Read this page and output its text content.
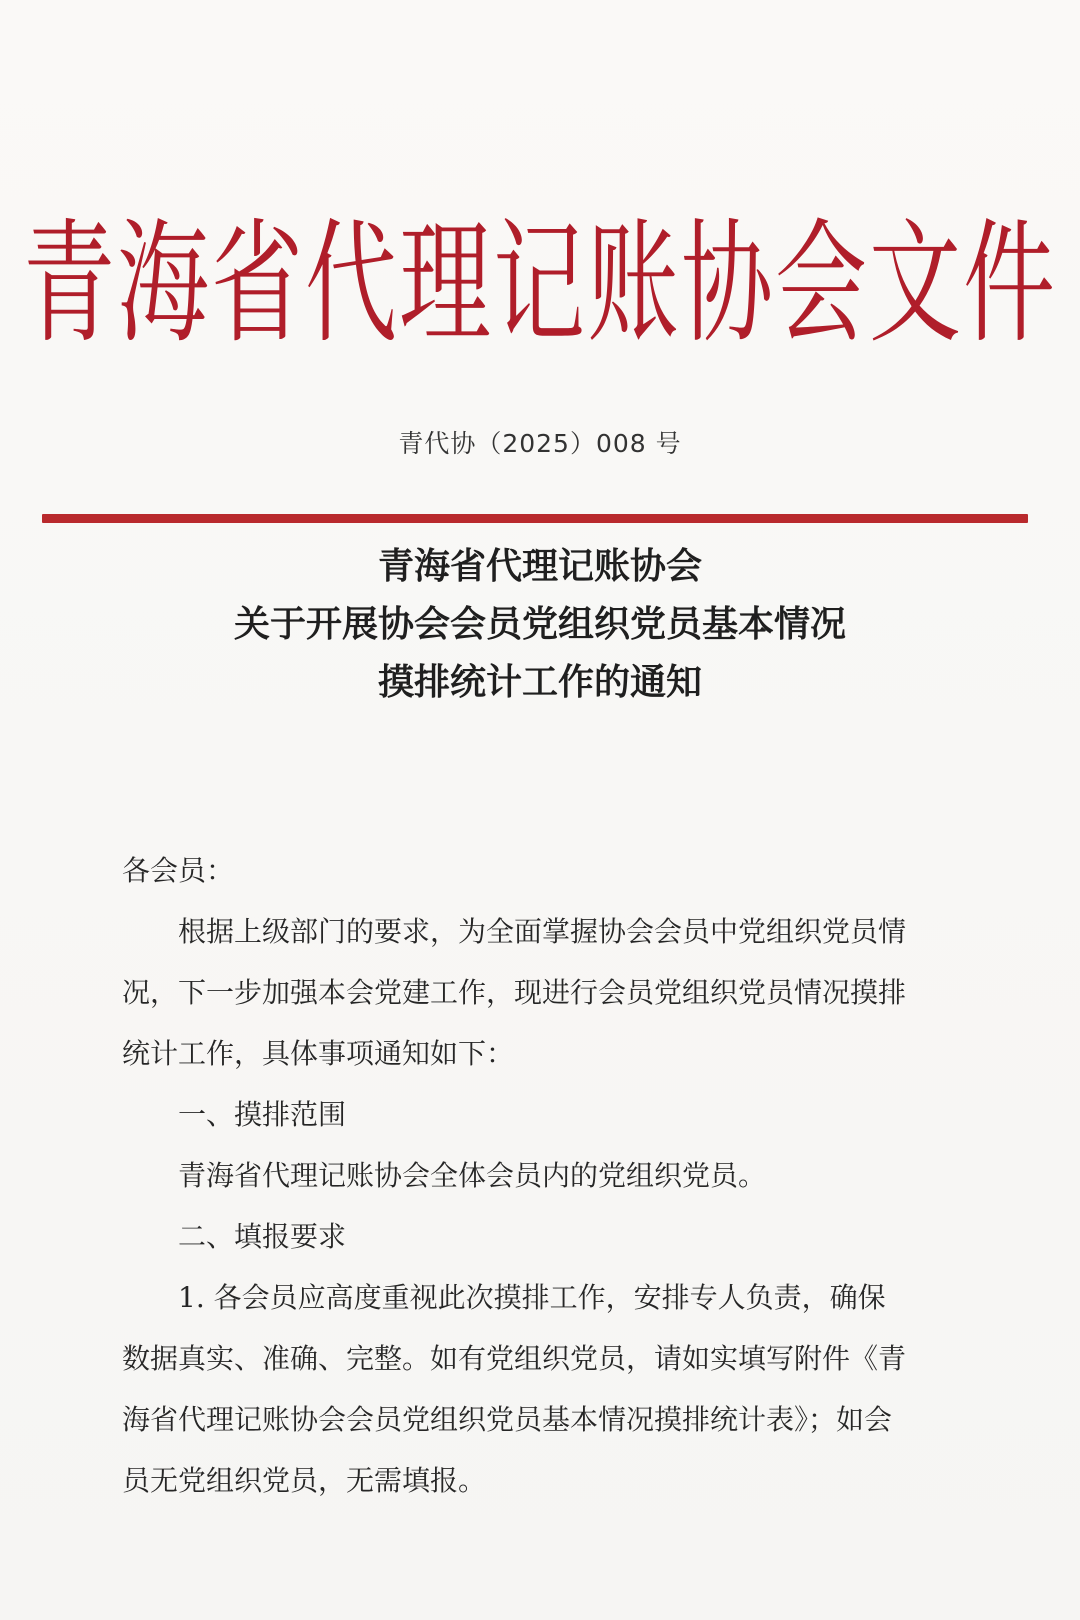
青海省代理记账协会文件
青代协（2025）008 号
青海省代理记账协会
关于开展协会会员党组织党员基本情况
摸排统计工作的通知

各会员：

根据上级部门的要求，为全面掌握协会会员中党组织党员情况，下一步加强本会党建工作，现进行会员党组织党员情况摸排统计工作，具体事项通知如下：

一、摸排范围

青海省代理记账协会全体会员内的党组织党员。

二、填报要求

1. 各会员应高度重视此次摸排工作，安排专人负责，确保数据真实、准确、完整。如有党组织党员，请如实填写附件《青海省代理记账协会会员党组织党员基本情况摸排统计表》；如会员无党组织党员，无需填报。
